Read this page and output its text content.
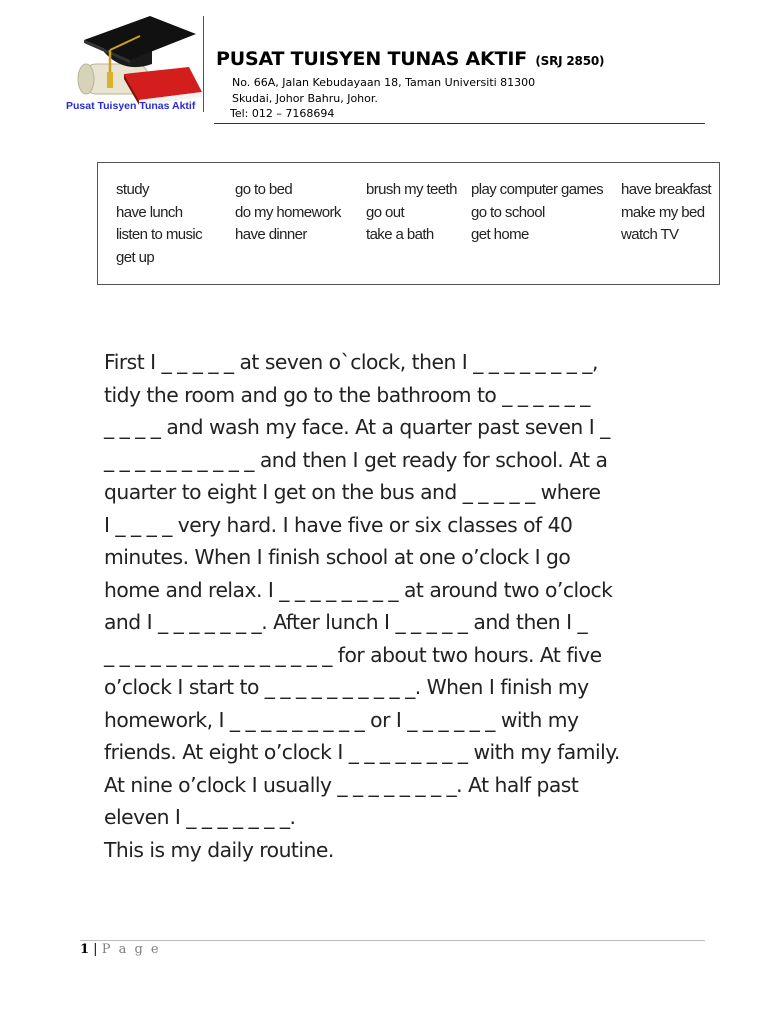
Pusat Tuisyen Tunas Aktif
PUSAT TUISYEN TUNAS AKTIF (SRJ 2850)
No. 66A, Jalan Kebudayaan 18, Taman Universiti 81300
Skudai, Johor Bahru, Johor.
Tel: 012 – 7168694
study
have lunch
listen to music
get up
go to bed
do my homework
have dinner
brush my teeth
go out
take a bath
play computer games
go to school
get home
have breakfast
make my bed
watch TV
First I _ _ _ _ _ at seven o`clock, then I _ _ _ _ _ _ _ _,
tidy the room and go to the bathroom to _ _ _ _ _ _
_ _ _ _ and wash my face. At a quarter past seven I _
_ _ _ _ _ _ _ _ _ _ and then I get ready for school. At a
quarter to eight I get on the bus and _ _ _ _ _ where
I _ _ _ _ very hard. I have five or six classes of 40
minutes. When I finish school at one o’clock I go
home and relax. I _ _ _ _ _ _ _ _ at around two o’clock
and I _ _ _ _ _ _ _. After lunch I _ _ _ _ _ and then I _
_ _ _ _ _ _ _ _ _ _ _ _ _ _ _ for about two hours. At five
o’clock I start to _ _ _ _ _ _ _ _ _ _. When I finish my
homework, I _ _ _ _ _ _ _ _ _ or I _ _ _ _ _ _ with my
friends. At eight o’clock I _ _ _ _ _ _ _ _ with my family.
At nine o’clock I usually _ _ _ _ _ _ _ _. At half past
eleven I _ _ _ _ _ _ _.
This is my daily routine.
1 | P a g e
